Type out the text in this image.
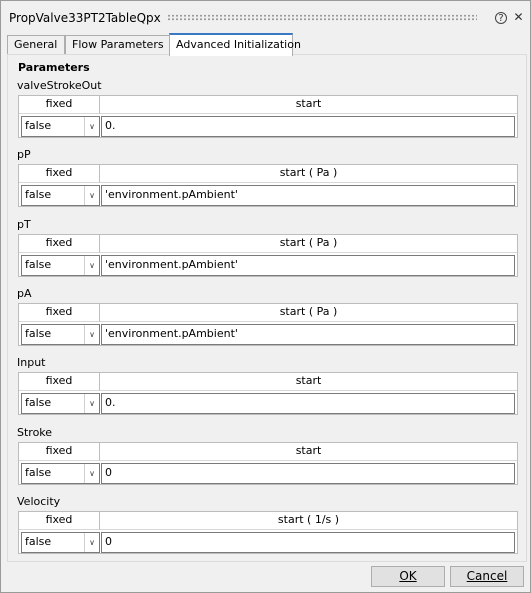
PropValve33PT2TableQpx	? ✕
General	Flow Parameters	Advanced Initialization
Parameters
valveStrokeOut
fixed	start
false	∨ 0.
pP
fixed	start ( Pa )
false	∨ 'environment.pAmbient'
pT
fixed	start ( Pa )
false	∨ 'environment.pAmbient'
pA
fixed	start ( Pa )
false	∨ 'environment.pAmbient'
Input
fixed	start
false	∨ 0.
Stroke
fixed	start
false	∨ 0
Velocity
fixed	start ( 1/s )
false	∨ 0
OK	Cancel
